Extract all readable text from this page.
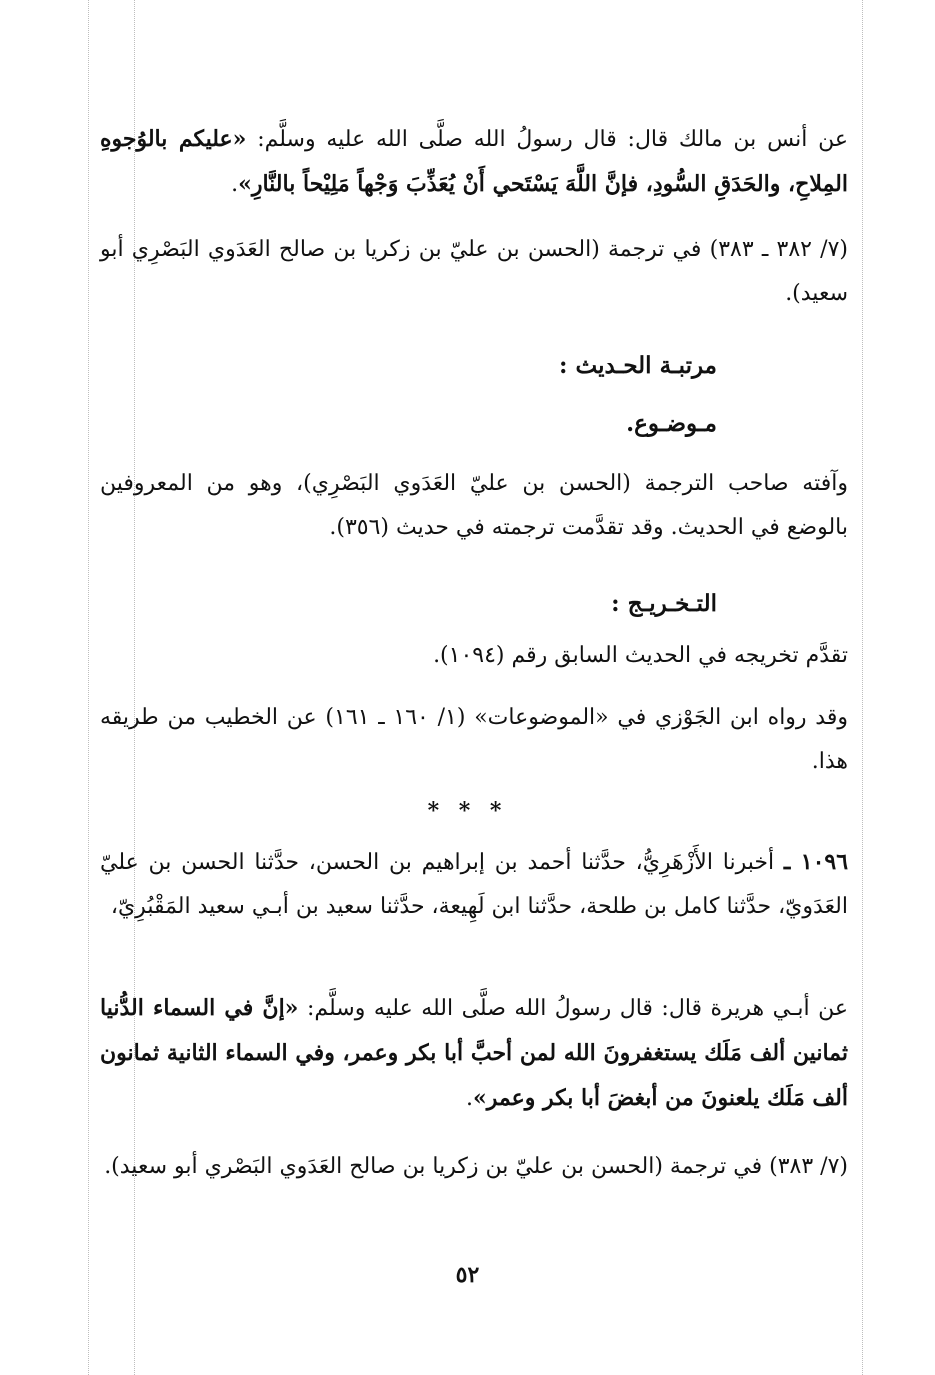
عن أنس بن مالك قال: قال رسولُ الله صلَّى الله عليه وسلَّم: «عليكم بالوُجوهِ المِلاحِ، والحَدَقِ السُّودِ، فإنَّ اللَّهَ يَسْتَحي أَنْ يُعَذِّبَ وَجْهاً مَلِيْحاً بالنَّارِ».
(٧/ ٣٨٢ ـ ٣٨٣) في ترجمة (الحسن بن عليّ بن زكريا بن صالح العَدَوي البَصْرِي أبو سعيد).
مرتبـة الحـديث :
مـوضـوع.
وآفته صاحب الترجمة (الحسن بن عليّ العَدَوي البَصْرِي)، وهو من المعروفين بالوضع في الحديث. وقد تقدَّمت ترجمته في حديث (٣٥٦).
التـخـريـج :
تقدَّم تخريجه في الحديث السابق رقم (١٠٩٤).
وقد رواه ابن الجَوْزي في «الموضوعات» (١/ ١٦٠ ـ ١٦١) عن الخطيب من طريقه هذا.
* * *
١٠٩٦ ـ أخبرنا الأَزْهَرِيُّ، حدَّثنا أحمد بن إبراهيم بن الحسن، حدَّثنا الحسن بن عليّ العَدَويّ، حدَّثنا كامل بن طلحة، حدَّثنا ابن لَهِيعة، حدَّثنا سعيد بن أبـي سعيد المَقْبُرِيّ،
عن أبـي هريرة قال: قال رسولُ الله صلَّى الله عليه وسلَّم: «إنَّ في السماء الدُّنيا ثمانين ألف مَلَك يستغفرونَ الله لمن أحبَّ أبا بكر وعمر، وفي السماء الثانية ثمانون ألف مَلَك يلعنونَ من أبغضَ أبا بكر وعمر».
(٧/ ٣٨٣) في ترجمة (الحسن بن عليّ بن زكريا بن صالح العَدَوي البَصْري أبو سعيد).
٥٢
